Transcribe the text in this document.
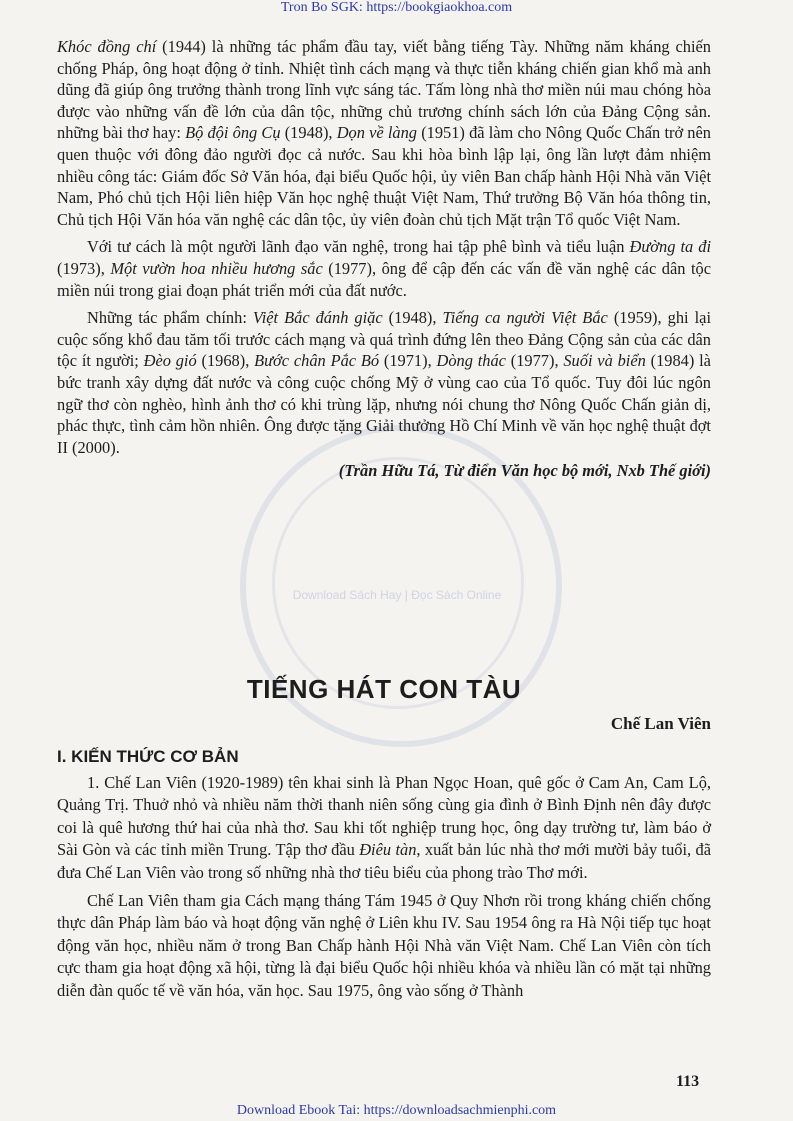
Tron Bo SGK: https://bookgiaokhoa.com
Download Sách Hay | Đọc Sách Online

Khóc đồng chí (1944) là những tác phẩm đầu tay, viết bằng tiếng Tày. Những năm kháng chiến chống Pháp, ông hoạt động ở tỉnh. Nhiệt tình cách mạng và thực tiễn kháng chiến gian khổ mà anh dũng đã giúp ông trưởng thành trong lĩnh vực sáng tác. Tấm lòng nhà thơ miền núi mau chóng hòa được vào những vấn đề lớn của dân tộc, những chủ trương chính sách lớn của Đảng Cộng sản. những bài thơ hay: Bộ đội ông Cụ (1948), Dọn về làng (1951) đã làm cho Nông Quốc Chấn trở nên quen thuộc với đông đảo người đọc cả nước. Sau khi hòa bình lập lại, ông lần lượt đảm nhiệm nhiều công tác: Giám đốc Sở Văn hóa, đại biểu Quốc hội, ủy viên Ban chấp hành Hội Nhà văn Việt Nam, Phó chủ tịch Hội liên hiệp Văn học nghệ thuật Việt Nam, Thứ trưởng Bộ Văn hóa thông tin, Chủ tịch Hội Văn hóa văn nghệ các dân tộc, ủy viên đoàn chủ tịch Mặt trận Tổ quốc Việt Nam.

Với tư cách là một người lãnh đạo văn nghệ, trong hai tập phê bình và tiểu luận Đường ta đi (1973), Một vườn hoa nhiều hương sắc (1977), ông để cập đến các vấn đề văn nghệ các dân tộc miền núi trong giai đoạn phát triển mới của đất nước.

Những tác phẩm chính: Việt Bắc đánh giặc (1948), Tiếng ca người Việt Bắc (1959), ghi lại cuộc sống khổ đau tăm tối trước cách mạng và quá trình đứng lên theo Đảng Cộng sản của các dân tộc ít người; Đèo gió (1968), Bước chân Pắc Bó (1971), Dòng thác (1977), Suối và biển (1984) là bức tranh xây dựng đất nước và công cuộc chống Mỹ ở vùng cao của Tổ quốc. Tuy đôi lúc ngôn ngữ thơ còn nghèo, hình ảnh thơ có khi trùng lặp, nhưng nói chung thơ Nông Quốc Chấn giản dị, phác thực, tình cảm hồn nhiên. Ông được tặng Giải thưởng Hồ Chí Minh về văn học nghệ thuật đợt II (2000).

(Trần Hữu Tá, Từ điển Văn học bộ mới, Nxb Thế giới)

TIẾNG HÁT CON TÀU
Chế Lan Viên
I. KIẾN THỨC CƠ BẢN

1. Chế Lan Viên (1920-1989) tên khai sinh là Phan Ngọc Hoan, quê gốc ở Cam An, Cam Lộ, Quảng Trị. Thuở nhỏ và nhiều năm thời thanh niên sống cùng gia đình ở Bình Định nên đây được coi là quê hương thứ hai của nhà thơ. Sau khi tốt nghiệp trung học, ông dạy trường tư, làm báo ở Sài Gòn và các tỉnh miền Trung. Tập thơ đầu Điêu tàn, xuất bản lúc nhà thơ mới mười bảy tuổi, đã đưa Chế Lan Viên vào trong số những nhà thơ tiêu biểu của phong trào Thơ mới.

Chế Lan Viên tham gia Cách mạng tháng Tám 1945 ở Quy Nhơn rồi trong kháng chiến chống thực dân Pháp làm báo và hoạt động văn nghệ ở Liên khu IV. Sau 1954 ông ra Hà Nội tiếp tục hoạt động văn học, nhiều năm ở trong Ban Chấp hành Hội Nhà văn Việt Nam. Chế Lan Viên còn tích cực tham gia hoạt động xã hội, từng là đại biểu Quốc hội nhiều khóa và nhiều lần có mặt tại những diễn đàn quốc tế về văn hóa, văn học. Sau 1975, ông vào sống ở Thành

113
Download Ebook Tai: https://downloadsachmienphi.com
